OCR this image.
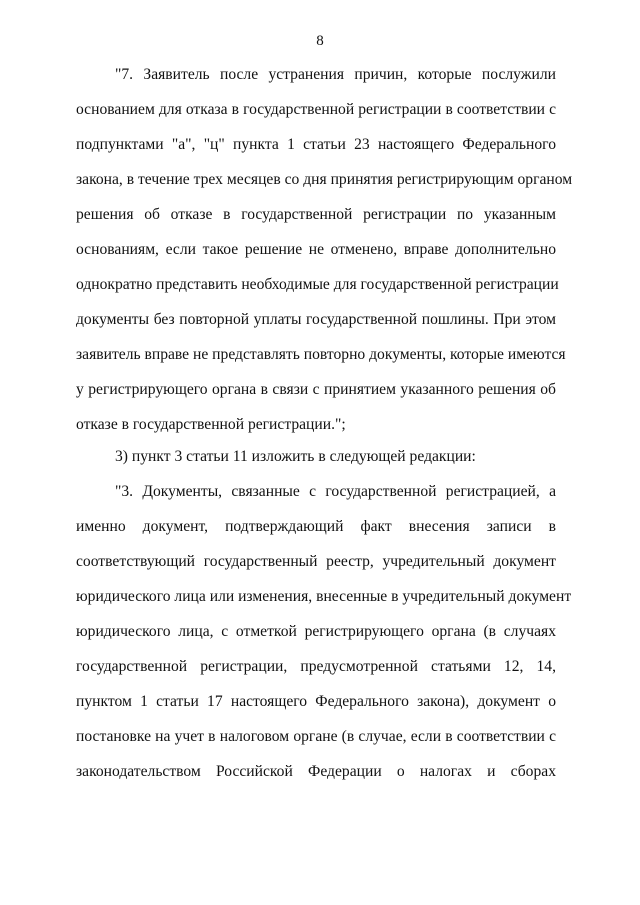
8
"7. Заявитель после устранения причин, которые послужили
основанием для отказа в государственной регистрации в соответствии с
подпунктами "а", "ц" пункта 1 статьи 23 настоящего Федерального
закона, в течение трех месяцев со дня принятия регистрирующим органом
решения об отказе в государственной регистрации по указанным
основаниям, если такое решение не отменено, вправе дополнительно
однократно представить необходимые для государственной регистрации
документы без повторной уплаты государственной пошлины. При этом
заявитель вправе не представлять повторно документы, которые имеются
у регистрирующего органа в связи с принятием указанного решения об
отказе в государственной регистрации.";
3) пункт 3 статьи 11 изложить в следующей редакции:
"3. Документы, связанные с государственной регистрацией, а
именно документ, подтверждающий факт внесения записи в
соответствующий государственный реестр, учредительный документ
юридического лица или изменения, внесенные в учредительный документ
юридического лица, с отметкой регистрирующего органа (в случаях
государственной регистрации, предусмотренной статьями 12, 14,
пунктом 1 статьи 17 настоящего Федерального закона), документ о
постановке на учет в налоговом органе (в случае, если в соответствии с
законодательством Российской Федерации о налогах и сборах
